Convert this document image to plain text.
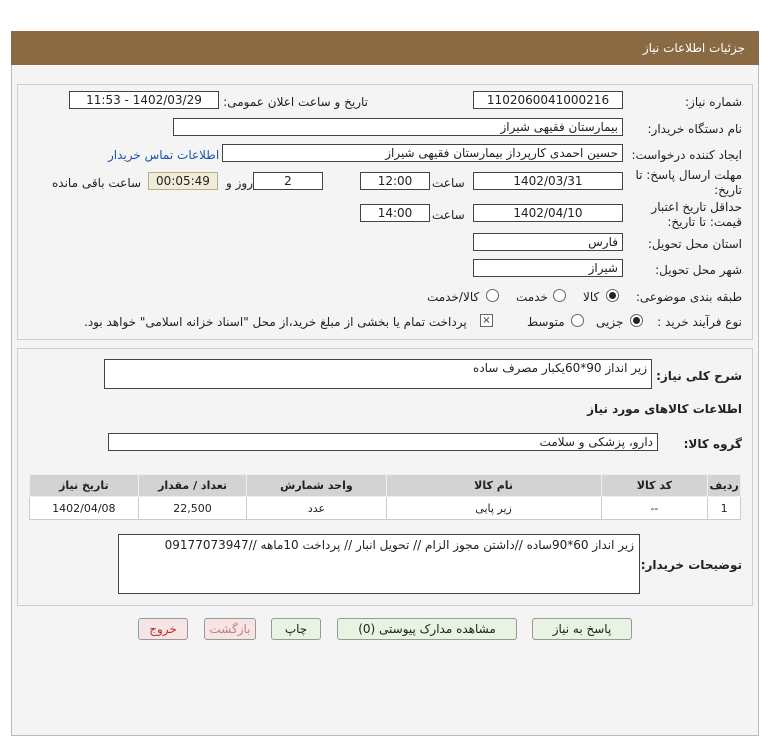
جزئیات اطلاعات نیاز
شماره نیاز:
1102060041000216
تاریخ و ساعت اعلان عمومی:
1402/03/29 - 11:53
نام دستگاه خریدار:
بیمارستان فقیهی شیراز
ایجاد کننده درخواست:
حسین احمدی کارپرداز بیمارستان فقیهی شیراز
اطلاعات تماس خریدار
مهلت ارسال پاسخ: تا
تاریخ:
1402/03/31
ساعت
12:00
2
روز و
00:05:49
ساعت باقی مانده
حداقل تاریخ اعتبار
قیمت: تا تاریخ:
1402/04/10
ساعت
14:00
استان محل تحویل:
فارس
شهر محل تحویل:
شیراز
طبقه بندی موضوعی:
کالا
خدمت
کالا/خدمت
نوع فرآیند خرید :
جزیی
متوسط
×
پرداخت تمام یا بخشی از مبلغ خرید،از محل "اسناد خزانه اسلامی" خواهد بود.
شرح کلی نیاز:
زیر انداز 90*60یکبار مصرف ساده
اطلاعات کالاهای مورد نیاز
گروه کالا:
دارو، پزشکی و سلامت
ردیف	کد کالا	نام کالا	واحد شمارش	تعداد / مقدار	تاریخ نیاز
1	--	زیر پایی	عدد	22,500	1402/04/08
توضیحات خریدار:
زیر انداز 60*90ساده //داشتن مجوز الزام // تحویل انبار // پرداخت 10ماهه //09177073947
پاسخ به نیاز
مشاهده مدارک پیوستی (0)
چاپ
بازگشت
خروج
